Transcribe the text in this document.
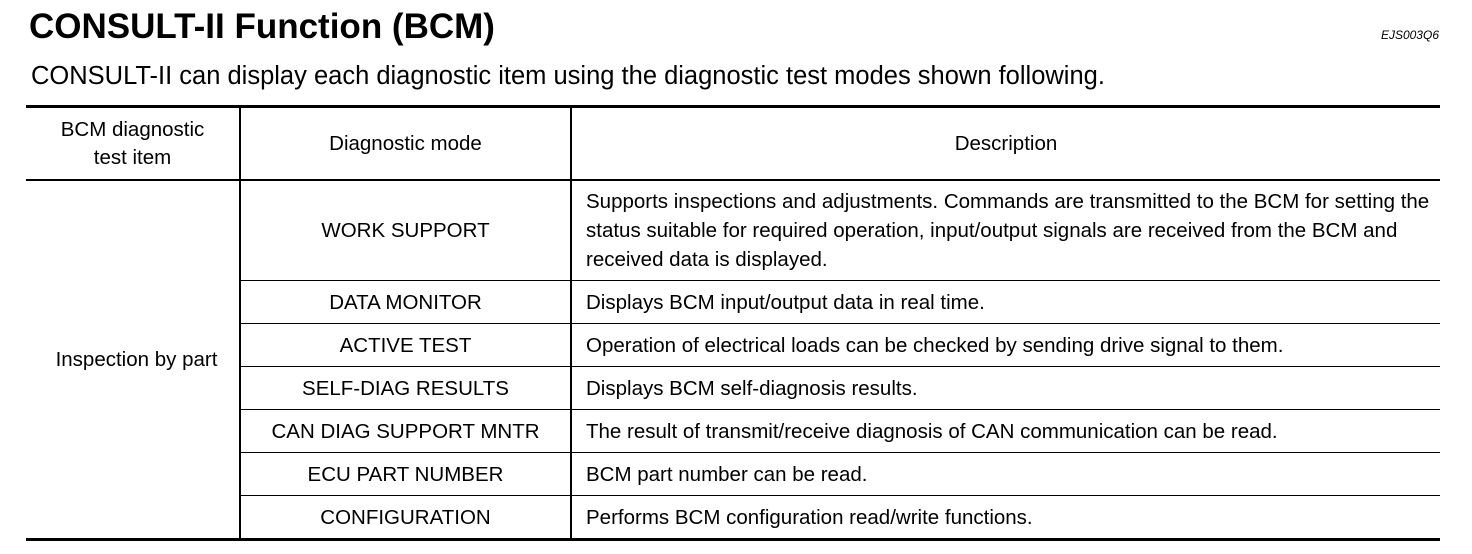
CONSULT-II Function (BCM)	EJS003Q6
CONSULT-II can display each diagnostic item using the diagnostic test modes shown following.
BCM diagnostic test item	Diagnostic mode	Description
Inspection by part	WORK SUPPORT	Supports inspections and adjustments. Commands are transmitted to the BCM for setting the status suitable for required operation, input/output signals are received from the BCM and received data is displayed.
	DATA MONITOR	Displays BCM input/output data in real time.
	ACTIVE TEST	Operation of electrical loads can be checked by sending drive signal to them.
	SELF-DIAG RESULTS	Displays BCM self-diagnosis results.
	CAN DIAG SUPPORT MNTR	The result of transmit/receive diagnosis of CAN communication can be read.
	ECU PART NUMBER	BCM part number can be read.
	CONFIGURATION	Performs BCM configuration read/write functions.
